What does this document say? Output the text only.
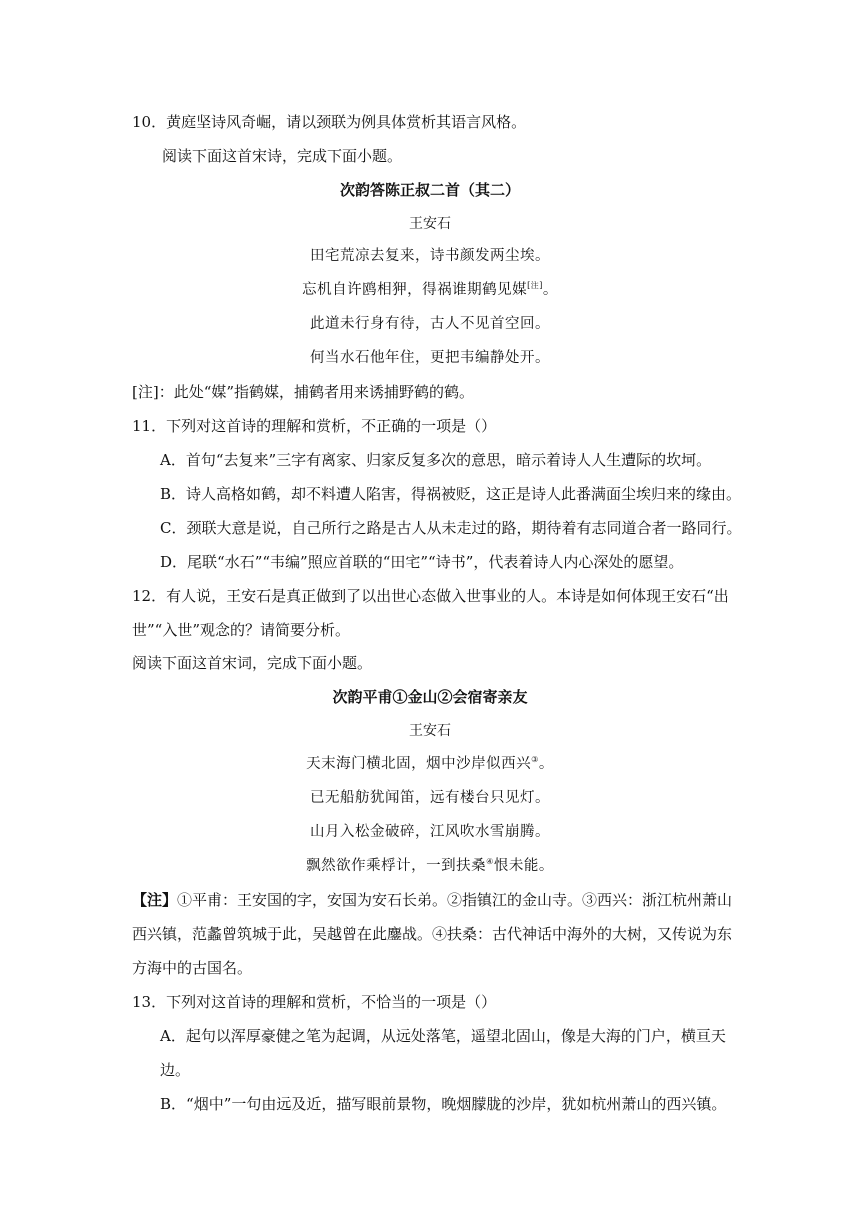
10．黄庭坚诗风奇崛，请以颈联为例具体赏析其语言风格。
阅读下面这首宋诗，完成下面小题。
次韵答陈正叔二首（其二）
王安石
田宅荒凉去复来，诗书颜发两尘埃。
忘机自许鸥相狎，得祸谁期鹤见媒[注]。
此道未行身有待，古人不见首空回。
何当水石他年住，更把韦编静处开。
[注]：此处“媒”指鹤媒，捕鹤者用来诱捕野鹤的鹤。
11．下列对这首诗的理解和赏析，不正确的一项是（）
A．首句“去复来”三字有离家、归家反复多次的意思，暗示着诗人人生遭际的坎坷。
B．诗人高格如鹤，却不料遭人陷害，得祸被贬，这正是诗人此番满面尘埃归来的缘由。
C．颈联大意是说，自己所行之路是古人从未走过的路，期待着有志同道合者一路同行。
D．尾联“水石”“韦编”照应首联的“田宅”“诗书”，代表着诗人内心深处的愿望。
12．有人说，王安石是真正做到了以出世心态做入世事业的人。本诗是如何体现王安石“出
世”“入世”观念的？请简要分析。
阅读下面这首宋词，完成下面小题。
次韵平甫①金山②会宿寄亲友
王安石
天末海门横北固，烟中沙岸似西兴③。
已无船舫犹闻笛，远有楼台只见灯。
山月入松金破碎，江风吹水雪崩腾。
飘然欲作乘桴计，一到扶桑④恨未能。
【注】①平甫：王安国的字，安国为安石长弟。②指镇江的金山寺。③西兴：浙江杭州萧山
西兴镇，范蠡曾筑城于此，吴越曾在此鏖战。④扶桑：古代神话中海外的大树，又传说为东
方海中的古国名。
13．下列对这首诗的理解和赏析，不恰当的一项是（）
A．起句以浑厚豪健之笔为起调，从远处落笔，遥望北固山，像是大海的门户，横亘天
边。
B．“烟中”一句由远及近，描写眼前景物，晚烟朦胧的沙岸，犹如杭州萧山的西兴镇。
